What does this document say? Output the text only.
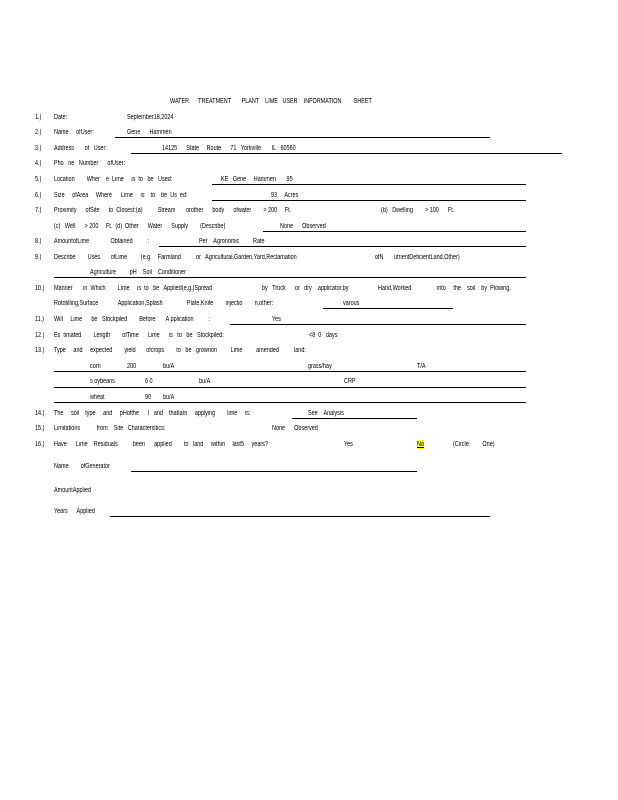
WATER      TREATMENT       PLANT    LIME   USER    INFORMATION        SHEET
1.) Date:	September18,2024
2.) Name     ofUser:	Gene      Hammen
3.) Address       of   User:	14125      State     Route      71   Yorkville       IL   60560
4.) Pho   ne   Number      ofUser:
5.) Location        Wher    e  Lime     is  to   be   Used:	KE   Gene     Hammen       95
6.) Size     ofArea     Where      Lime     is    to    be  Us  ed:	93     Acres
7.) Proximity      ofSite      to  Closest:(a)          Stream       orother      body      ofwater        > 200     Ft.	(b)   Dwelling        > 100      Ft.
(c)   Well      > 200     Ft.  (d)  Other      Water      Supply        (Describe)	None      Observed
8.) AmountofLime              Obtained          :	Per    Agronomic         Rate
9.) Describe        Uses       ofLime         (e.g.    Farmland          or   Agricultural,Garden,Yard,Reclamation	ofN       utrientDeficientLand,Other)
Agriculture         pH    Soil    Conditioner
10.) Manner       in  Which        Lime     is  to   be   Applied(e.g.)Spread	by   Truck      or   dry    applicator,by	Hand,Worked	into     the    soil    by  Plowing,
Rototilling,Surface             Application,Splash                Plate,Knife        injectio        n,other:	varous
11.) Will     Lime      be   Stockpiled        Before       A pplication          :	Yes
12.) Es  timated        Length        ofTime      Lime      is   to   be   Stockpiled:	<8  0   days
13.) Type     and     expected        yield       ofcrops        to   be   grownon         Lime         amended          land:
corn	200	bu/A	grass/hay	T/A
s oybeans	6 0	bu/A	CRP
wheat	90 bu/A
14.) The     soil    type     and     pHofthe      l   and    thatIam     applying        lime     is:	See    Analysis
15.) Limitations           from    Site   Characteristics:	None      Observed
16.) Have      Lime    Residuals          been      applied        to   land     within     last5     years?	Yes	No	(Circle         One)
Name        ofGenerator
AmountApplied
Years      Applied
